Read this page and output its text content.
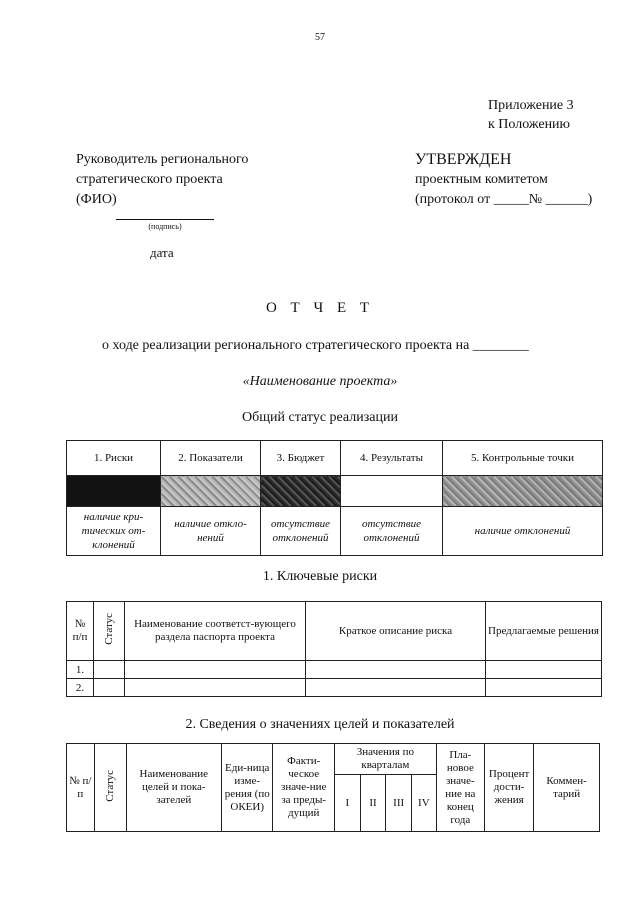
57
Приложение 3
к Положению
Руководитель регионального
стратегического проекта
(ФИО)
УТВЕРЖДЕН
проектным комитетом
(протокол от _____№ ______)
(подпись)
дата
О Т Ч Е Т
о ходе реализации регионального стратегического проекта на ________
«Наименование проекта»
Общий статус реализации
1. Риски	2. Показатели	3. Бюджет	4. Результаты	5. Контрольные точки

наличие кри-тических от-клонений	наличие откло-нений	отсутствие отклонений	отсутствие отклонений	наличие отклонений
1. Ключевые риски
№ п/п	Статус	Наименование соответст-вующего раздела паспорта проекта	Краткое описание риска	Предлагаемые решения
1.				
2.				
2. Сведения о значениях целей и показателей
№ п/п	Статус	Наименование целей и пока-зателей	Еди-ница изме-рения (по ОКЕИ)	Факти-ческое значе-ние за преды-дущий	Значения по кварталам				Пла-новое значе-ние на конец года	Процент дости-жения	Коммен-тарий
					I	II	III	IV			
